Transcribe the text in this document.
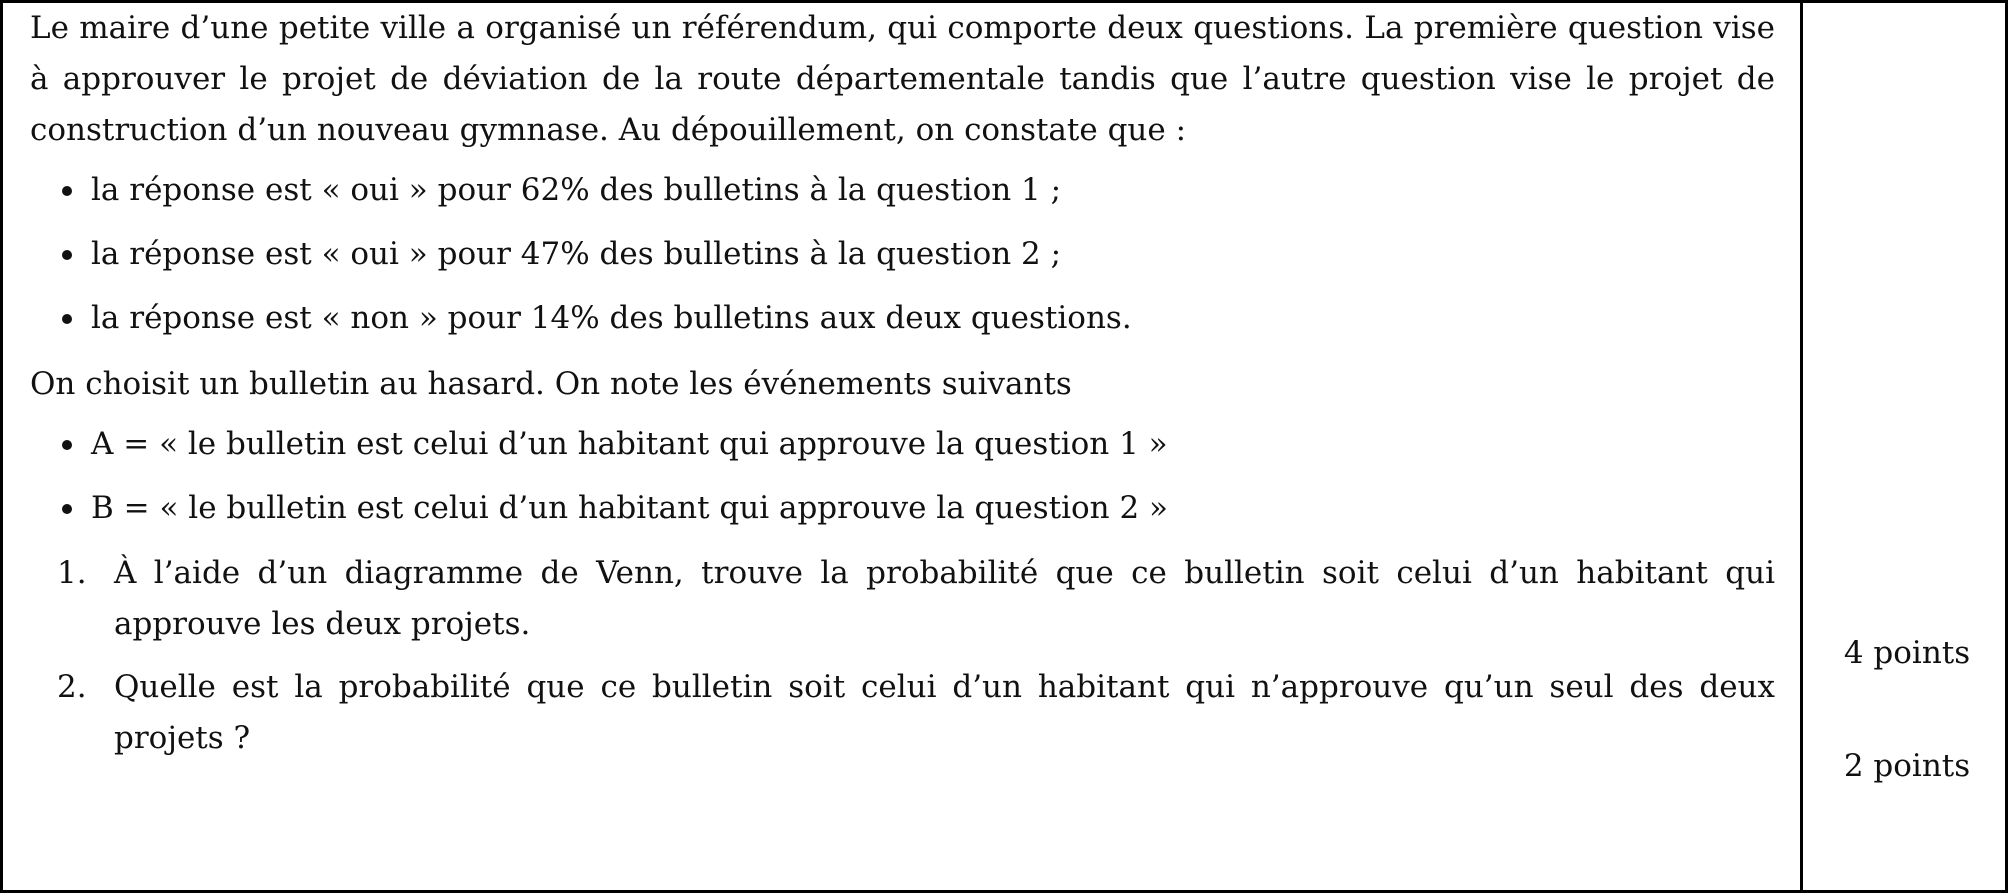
Le maire d’une petite ville a organisé un référendum, qui comporte deux questions. La première question vise à approuver le projet de déviation de la route départementale tandis que l’autre question vise le projet de construction d’un nouveau gymnase. Au dépouillement, on constate que :

la réponse est « oui » pour 62% des bulletins à la question 1 ;
la réponse est « oui » pour 47% des bulletins à la question 2 ;
la réponse est « non » pour 14% des bulletins aux deux questions.

On choisit un bulletin au hasard. On note les événements suivants

A = « le bulletin est celui d’un habitant qui approuve la question 1 »
B = « le bulletin est celui d’un habitant qui approuve la question 2 »
1. À l’aide d’un diagramme de Venn, trouve la probabilité que ce bulletin soit celui d’un habitant qui approuve les deux projets.
2. Quelle est la probabilité que ce bulletin soit celui d’un habitant qui n’approuve qu’un seul des deux projets ?
4 points
2 points
